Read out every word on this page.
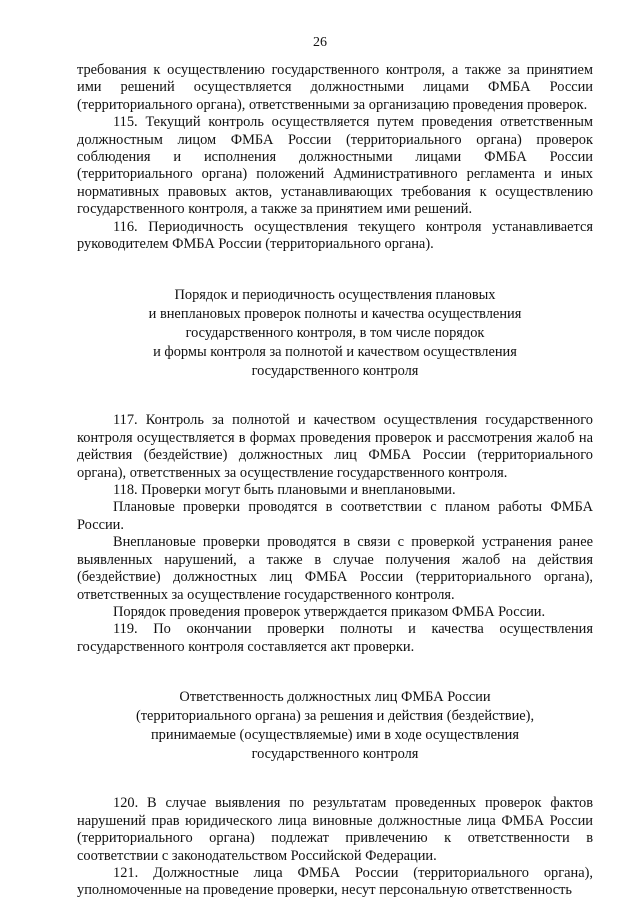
26

требования к осуществлению государственного контроля, а также за принятием ими решений осуществляется должностными лицами ФМБА России (территориального органа), ответственными за организацию проведения проверок.

115. Текущий контроль осуществляется путем проведения ответственным должностным лицом ФМБА России (территориального органа) проверок соблюдения и исполнения должностными лицами ФМБА России (территориального органа) положений Административного регламента и иных нормативных правовых актов, устанавливающих требования к осуществлению государственного контроля, а также за принятием ими решений.

116. Периодичность осуществления текущего контроля устанавливается руководителем ФМБА России (территориального органа).

Порядок и периодичность осуществления плановых
и внеплановых проверок полноты и качества осуществления
государственного контроля, в том числе порядок
и формы контроля за полнотой и качеством осуществления
государственного контроля

117. Контроль за полнотой и качеством осуществления государственного контроля осуществляется в формах проведения проверок и рассмотрения жалоб на действия (бездействие) должностных лиц ФМБА России (территориального органа), ответственных за осуществление государственного контроля.

118. Проверки могут быть плановыми и внеплановыми.

Плановые проверки проводятся в соответствии с планом работы ФМБА России.

Внеплановые проверки проводятся в связи с проверкой устранения ранее выявленных нарушений, а также в случае получения жалоб на действия (бездействие) должностных лиц ФМБА России (территориального органа), ответственных за осуществление государственного контроля.

Порядок проведения проверок утверждается приказом ФМБА России.

119. По окончании проверки полноты и качества осуществления государственного контроля составляется акт проверки.

Ответственность должностных лиц ФМБА России
(территориального органа) за решения и действия (бездействие),
принимаемые (осуществляемые) ими в ходе осуществления
государственного контроля

120. В случае выявления по результатам проведенных проверок фактов нарушений прав юридического лица виновные должностные лица ФМБА России (территориального органа) подлежат привлечению к ответственности в соответствии с законодательством Российской Федерации.

121. Должностные лица ФМБА России (территориального органа), уполномоченные на проведение проверки, несут персональную ответственность
